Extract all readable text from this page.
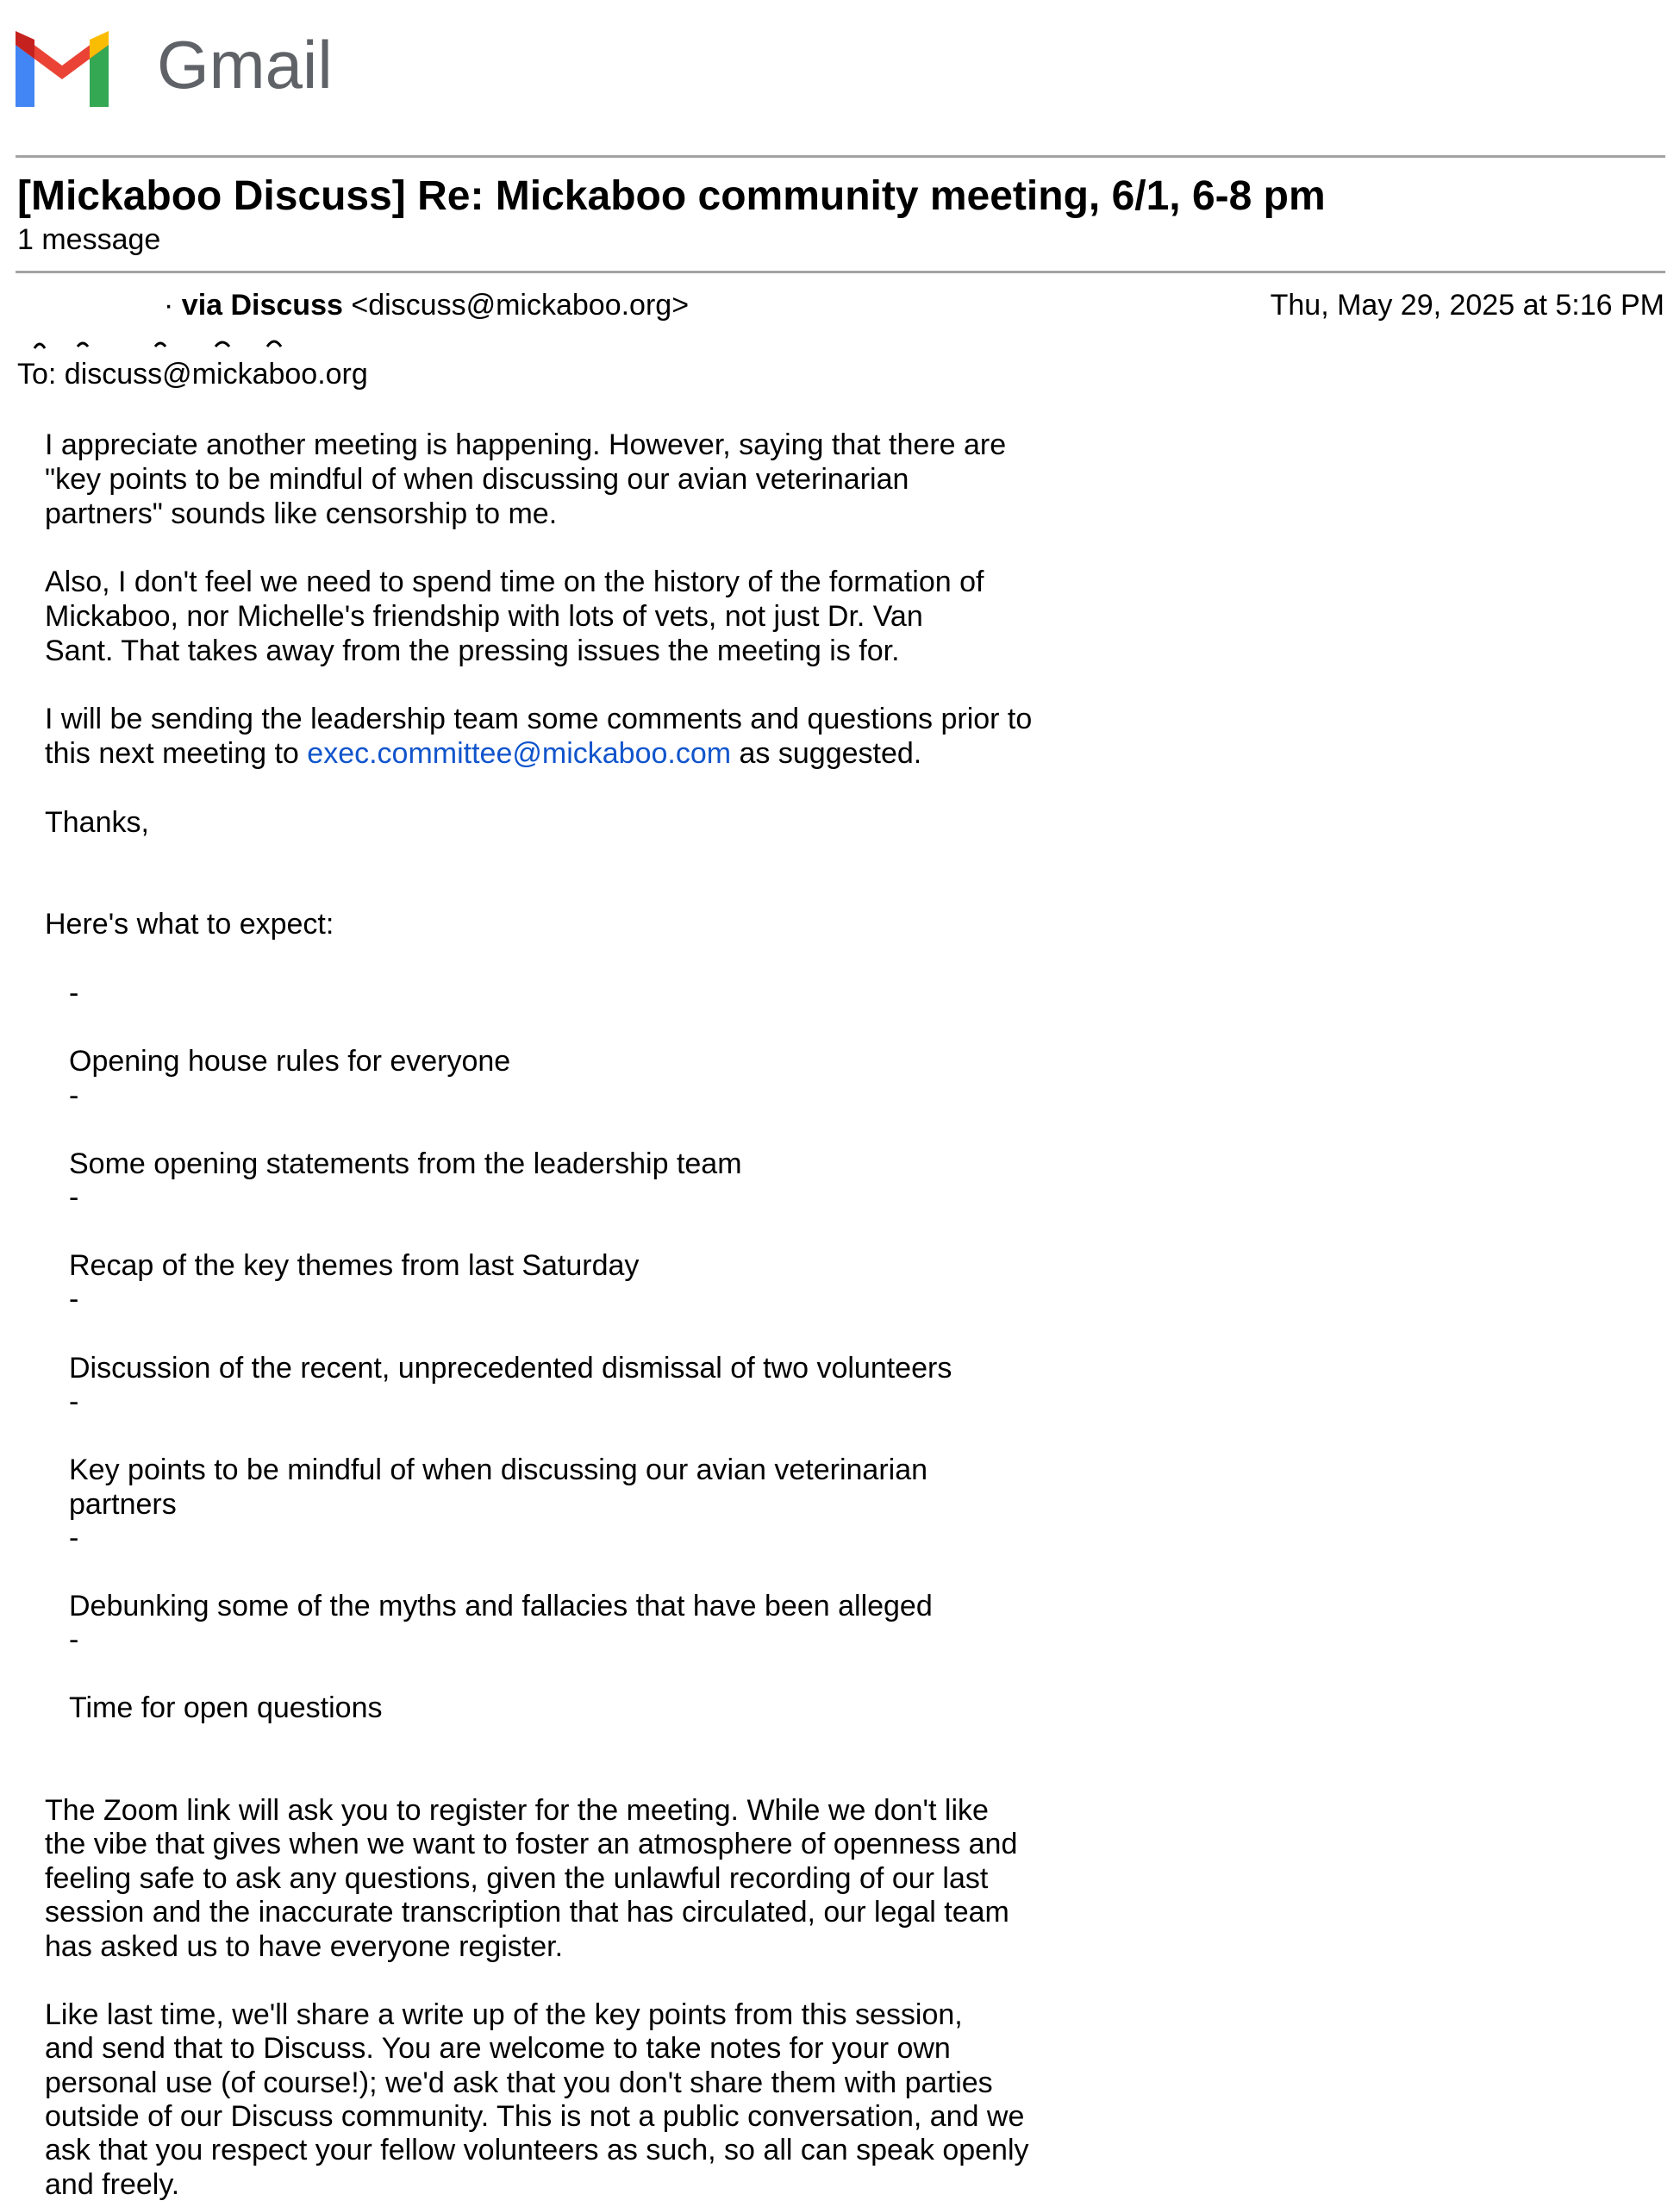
Gmail
[Mickaboo Discuss] Re: Mickaboo community meeting, 6/1, 6-8 pm
1 message
· via Discuss <discuss@mickaboo.org>	Thu, May 29, 2025 at 5:16 PM
To: discuss@mickaboo.org
I appreciate another meeting is happening. However, saying that there are
"key points to be mindful of when discussing our avian veterinarian
partners" sounds like censorship to me.
Also, I don't feel we need to spend time on the history of the formation of
Mickaboo, nor Michelle's friendship with lots of vets, not just Dr. Van
Sant. That takes away from the pressing issues the meeting is for.
I will be sending the leadership team some comments and questions prior to
this next meeting to exec.committee@mickaboo.com as suggested.
Thanks,
Here's what to expect:
-
Opening house rules for everyone
-
Some opening statements from the leadership team
-
Recap of the key themes from last Saturday
-
Discussion of the recent, unprecedented dismissal of two volunteers
-
Key points to be mindful of when discussing our avian veterinarian
partners
-
Debunking some of the myths and fallacies that have been alleged
-
Time for open questions
The Zoom link will ask you to register for the meeting. While we don't like
the vibe that gives when we want to foster an atmosphere of openness and
feeling safe to ask any questions, given the unlawful recording of our last
session and the inaccurate transcription that has circulated, our legal team
has asked us to have everyone register.
Like last time, we'll share a write up of the key points from this session,
and send that to Discuss. You are welcome to take notes for your own
personal use (of course!); we'd ask that you don't share them with parties
outside of our Discuss community. This is not a public conversation, and we
ask that you respect your fellow volunteers as such, so all can speak openly
and freely.
